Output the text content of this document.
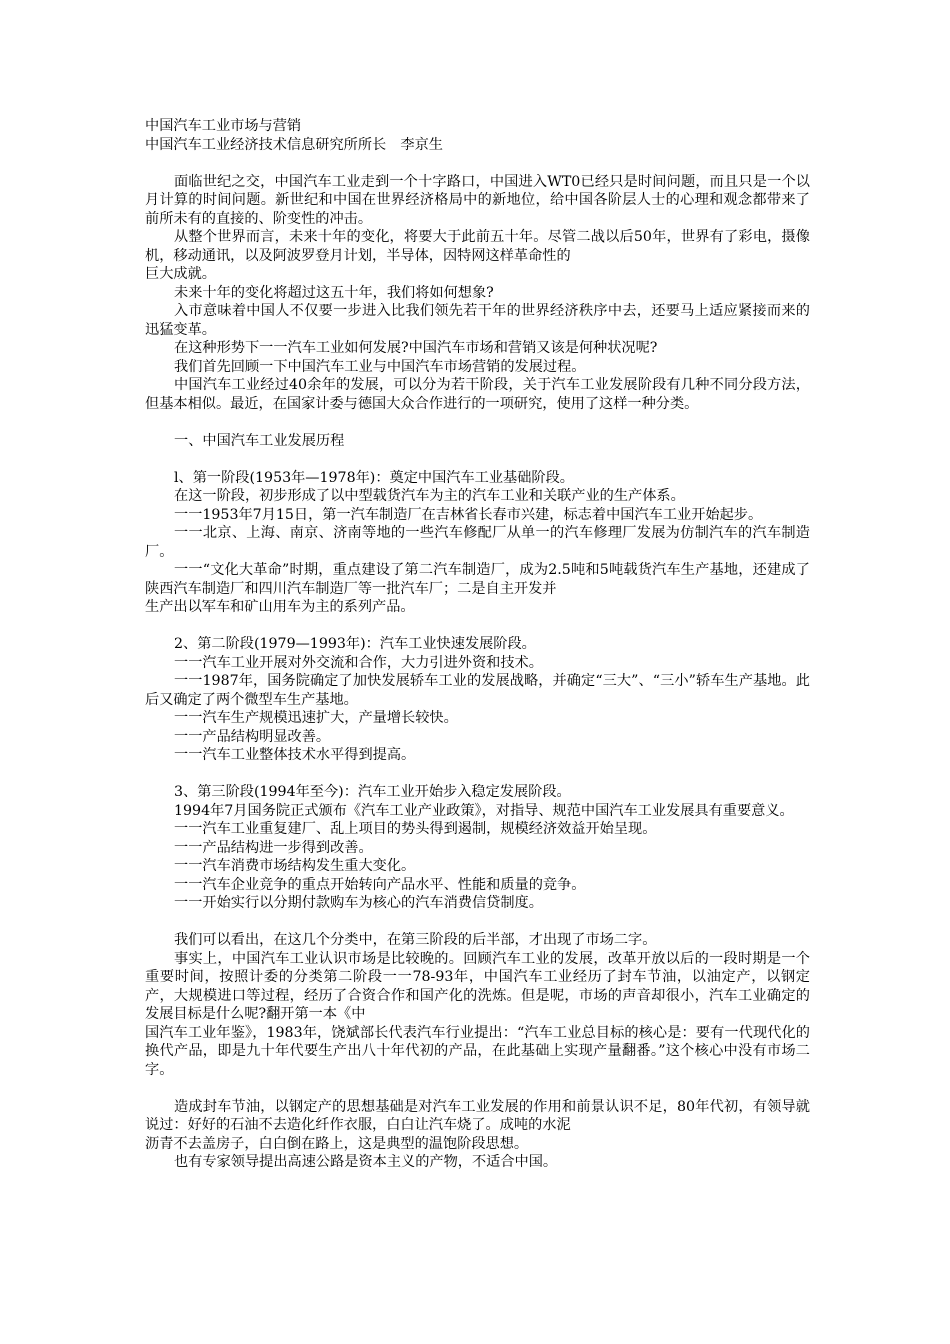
中国汽车工业市场与营销
中国汽车工业经济技术信息研究所所长　李京生
面临世纪之交，中国汽车工业走到一个十字路口，中国进入WT0已经只是时间问题，而且只是一个以月计算的时间问题。新世纪和中国在世界经济格局中的新地位，给中国各阶层人士的心理和观念都带来了前所未有的直接的、阶变性的冲击。
从整个世界而言，未来十年的变化，将要大于此前五十年。尽管二战以后50年，世界有了彩电，摄像机，移动通讯，以及阿波罗登月计划，半导体，因特网这样革命性的
巨大成就。
未来十年的变化将超过这五十年，我们将如何想象?
入市意味着中国人不仅要一步进入比我们领先若干年的世界经济秩序中去，还要马上适应紧接而来的迅猛变革。
在这种形势下一一汽车工业如何发展?中国汽车市场和营销又该是何种状况呢?
我们首先回顾一下中国汽车工业与中国汽车市场营销的发展过程。
中国汽车工业经过40余年的发展，可以分为若干阶段，关于汽车工业发展阶段有几种不同分段方法，但基本相似。最近，在国家计委与德国大众合作进行的一项研究，使用了这样一种分类。
一、中国汽车工业发展历程
l、第一阶段(1953年—1978年)：奠定中国汽车工业基础阶段。
在这一阶段，初步形成了以中型载货汽车为主的汽车工业和关联产业的生产体系。
一一1953年7月15日，第一汽车制造厂在吉林省长春市兴建，标志着中国汽车工业开始起步。
一一北京、上海、南京、济南等地的一些汽车修配厂从单一的汽车修理厂发展为仿制汽车的汽车制造厂。
一一“文化大革命”时期，重点建设了第二汽车制造厂，成为2.5吨和5吨载货汽车生产基地，还建成了陕西汽车制造厂和四川汽车制造厂等一批汽车厂；二是自主开发并
生产出以军车和矿山用车为主的系列产品。
2、第二阶段(1979—1993年)：汽车工业快速发展阶段。
一一汽车工业开展对外交流和合作，大力引进外资和技术。
一一1987年，国务院确定了加快发展轿车工业的发展战略，并确定“三大”、“三小”轿车生产基地。此后又确定了两个微型车生产基地。
一一汽车生产规模迅速扩大，产量增长较快。
一一产品结构明显改善。
一一汽车工业整体技术水平得到提高。
3、第三阶段(1994年至今)：汽车工业开始步入稳定发展阶段。
1994年7月国务院正式颁布《汽车工业产业政策》，对指导、规范中国汽车工业发展具有重要意义。
一一汽车工业重复建厂、乱上项目的势头得到遏制，规模经济效益开始呈现。
一一产品结构进一步得到改善。
一一汽车消费市场结构发生重大变化。
一一汽车企业竞争的重点开始转向产品水平、性能和质量的竞争。
一一开始实行以分期付款购车为核心的汽车消费信贷制度。
我们可以看出，在这几个分类中，在第三阶段的后半部，才出现了市场二字。
事实上，中国汽车工业认识市场是比较晚的。回顾汽车工业的发展，改革开放以后的一段时期是一个重要时间，按照计委的分类第二阶段一一78-93年，中国汽车工业经历了封车节油，以油定产，以钢定产，大规模进口等过程，经历了合资合作和国产化的洗炼。但是呢，市场的声音却很小，汽车工业确定的发展目标是什么呢?翻开第一本《中
国汽车工业年鉴》，1983年，饶斌部长代表汽车行业提出：“汽车工业总目标的核心是：要有一代现代化的换代产品，即是九十年代要生产出八十年代初的产品，在此基础上实现产量翻番。”这个核心中没有市场二字。
造成封车节油，以钢定产的思想基础是对汽车工业发展的作用和前景认识不足，80年代初，有领导就说过：好好的石油不去造化纤作衣服，白白让汽车烧了。成吨的水泥
沥青不去盖房子，白白倒在路上，这是典型的温饱阶段思想。
也有专家领导提出高速公路是资本主义的产物，不适合中国。
